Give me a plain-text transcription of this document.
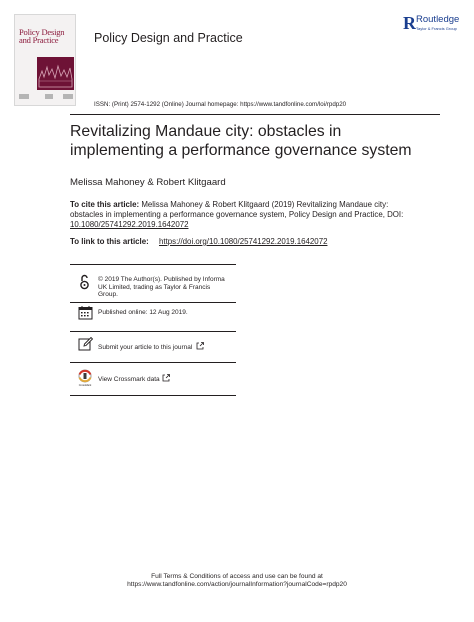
Policy Design
and Practice	Policy Design and Practice
R Routledge
Taylor & Francis Group
ISSN: (Print) 2574-1292 (Online) Journal homepage: https://www.tandfonline.com/loi/rpdp20
Revitalizing Mandaue city: obstacles in
implementing a performance governance system
Melissa Mahoney & Robert Klitgaard
To cite this article: Melissa Mahoney & Robert Klitgaard (2019) Revitalizing Mandaue city:
obstacles in implementing a performance governance system, Policy Design and Practice, DOI:
10.1080/25741292.2019.1642072
To link to this article: https://doi.org/10.1080/25741292.2019.1642072
© 2019 The Author(s). Published by Informa
UK Limited, trading as Taylor & Francis
Group.
Published online: 12 Aug 2019.
Submit your article to this journal
CrossMark
View Crossmark data
Full Terms & Conditions of access and use can be found at
https://www.tandfonline.com/action/journalInformation?journalCode=rpdp20
